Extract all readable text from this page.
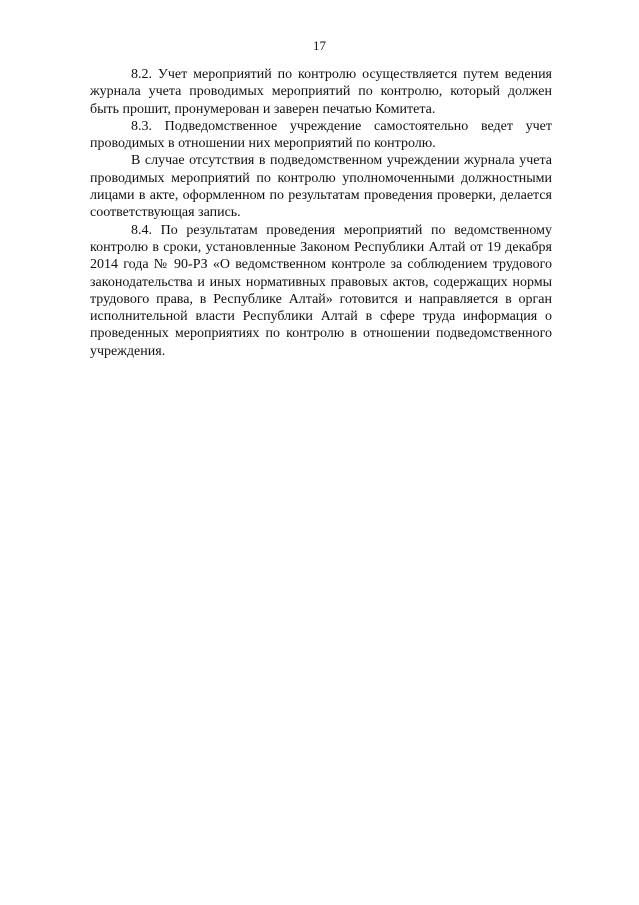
17

8.2. Учет мероприятий по контролю осуществляется путем ведения журнала учета проводимых мероприятий по контролю, который должен быть прошит, пронумерован и заверен печатью Комитета.

8.3. Подведомственное учреждение самостоятельно ведет учет проводимых в отношении них мероприятий по контролю.

В случае отсутствия в подведомственном учреждении журнала учета проводимых мероприятий по контролю уполномоченными должностными лицами в акте, оформленном по результатам проведения проверки, делается соответствующая запись.

8.4. По результатам проведения мероприятий по ведомственному контролю в сроки, установленные Законом Республики Алтай от 19 декабря 2014 года № 90-РЗ «О ведомственном контроле за соблюдением трудового законодательства и иных нормативных правовых актов, содержащих нормы трудового права, в Республике Алтай» готовится и направляется в орган исполнительной власти Республики Алтай в сфере труда информация о проведенных мероприятиях по контролю в отношении подведомственного учреждения.
